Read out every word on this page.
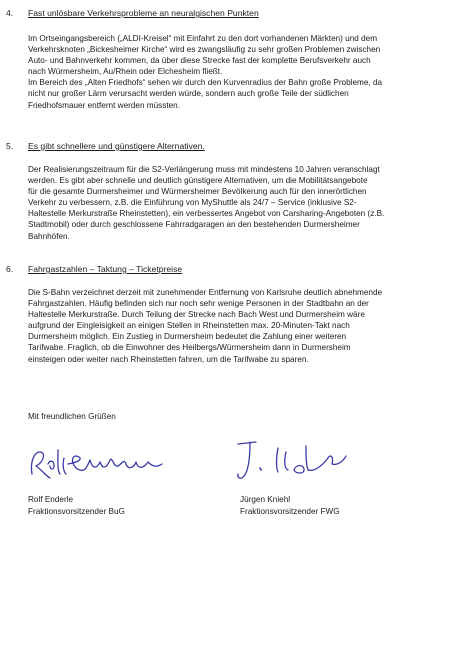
4. Fast unlösbare Verkehrsprobleme an neuralgischen Punkten
Im Ortseingangsbereich („ALDI-Kreisel“ mit Einfahrt zu den dort vorhandenen Märkten) und dem
Verkehrsknoten „Bickesheimer Kirche“ wird es zwangsläufig zu sehr großen Problemen zwischen
Auto- und Bahnverkehr kommen, da über diese Strecke fast der komplette Berufsverkehr auch
nach Würmersheim, Au/Rhein oder Elchesheim fließt.
Im Bereich des „Alten Friedhofs“ sehen wir durch den Kurvenradius der Bahn große Probleme, da
nicht nur großer Lärm verursacht werden würde, sondern auch große Teile der südlichen
Friedhofsmauer entfernt werden müssten.
5. Es gibt schnellere und günstigere Alternativen.
Der Realisierungszeitraum für die S2-Verlängerung muss mit mindestens 10 Jahren veranschlagt
werden. Es gibt aber schnelle und deutlich günstigere Alternativen, um die Mobilitätsangebote
für die gesamte Durmersheimer und Würmersheimer Bevölkerung auch für den innerörtlichen
Verkehr zu verbessern, z.B. die Einführung von MyShuttle als 24/7 – Service (inklusive S2-
Haltestelle Merkurstraße Rheinstetten), ein verbessertes Angebot von Carsharing-Angeboten (z.B.
Stadtmobil) oder durch geschlossene Fahrradgaragen an den bestehenden Durmersheimer
Bahnhöfen.
6. Fahrgastzahlen – Taktung – Ticketpreise
Die S-Bahn verzeichnet derzeit mit zunehmender Entfernung von Karlsruhe deutlich abnehmende
Fahrgastzahlen. Häufig befinden sich nur noch sehr wenige Personen in der Stadtbahn an der
Haltestelle Merkurstraße. Durch Teilung der Strecke nach Bach West und Durmersheim wäre
aufgrund der Eingleisigkeit an einigen Stellen in Rheinstetten max. 20-Minuten-Takt nach
Durmersheim möglich. Ein Zustieg in Durmersheim bedeutet die Zahlung einer weiteren
Tarifwabe. Fraglich, ob die Einwohner des Heilbergs/Würmersheim dann in Durmersheim
einsteigen oder weiter nach Rheinstetten fahren, um die Tarifwabe zu sparen.
Mit freundlichen Grüßen
Rolf Enderle
Fraktionsvorsitzender BuG
Jürgen Kniehl
Fraktionsvorsitzender FWG
